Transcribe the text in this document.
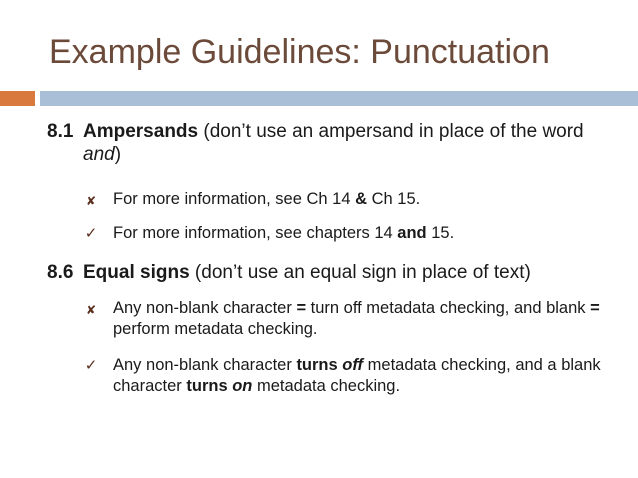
Example Guidelines: Punctuation
8.1 Ampersands (don’t use an ampersand in place of the word and)
✘ For more information, see Ch 14 & Ch 15.
✓ For more information, see chapters 14 and 15.
8.6 Equal signs (don’t use an equal sign in place of text)
✘ Any non-blank character = turn off metadata checking, and blank = perform metadata checking.
✓ Any non-blank character turns off metadata checking, and a blank character turns on metadata checking.
